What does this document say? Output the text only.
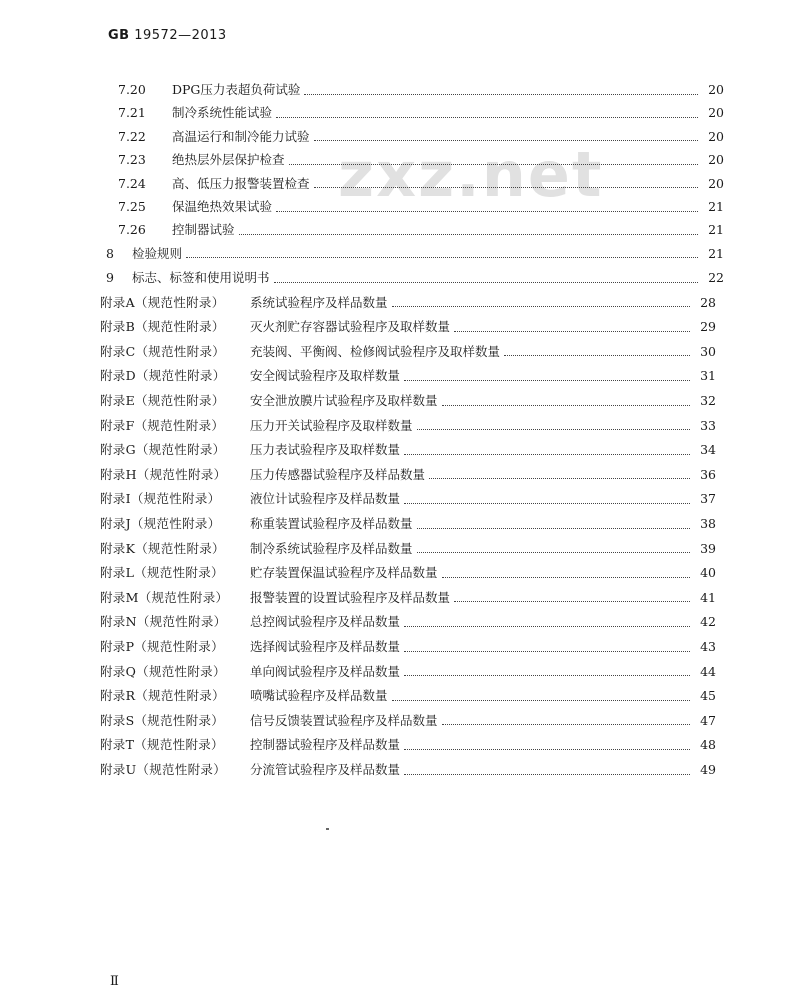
GB 19572—2013
zxz.net
7.20	DPG压力表超负荷试验	20
7.21	制冷系统性能试验	20
7.22	高温运行和制冷能力试验	20
7.23	绝热层外层保护检查	20
7.24	高、低压力报警装置检查	20
7.25	保温绝热效果试验	21
7.26	控制器试验	21
8	检验规则	21
9	标志、标签和使用说明书	22
附录A（规范性附录）	系统试验程序及样品数量	28
附录B（规范性附录）	灭火剂贮存容器试验程序及取样数量	29
附录C（规范性附录）	充装阀、平衡阀、检修阀试验程序及取样数量	30
附录D（规范性附录）	安全阀试验程序及取样数量	31
附录E（规范性附录）	安全泄放膜片试验程序及取样数量	32
附录F（规范性附录）	压力开关试验程序及取样数量	33
附录G（规范性附录）	压力表试验程序及取样数量	34
附录H（规范性附录）	压力传感器试验程序及样品数量	36
附录I（规范性附录）	液位计试验程序及样品数量	37
附录J（规范性附录）	称重装置试验程序及样品数量	38
附录K（规范性附录）	制冷系统试验程序及样品数量	39
附录L（规范性附录）	贮存装置保温试验程序及样品数量	40
附录M（规范性附录）	报警装置的设置试验程序及样品数量	41
附录N（规范性附录）	总控阀试验程序及样品数量	42
附录P（规范性附录）	选择阀试验程序及样品数量	43
附录Q（规范性附录）	单向阀试验程序及样品数量	44
附录R（规范性附录）	喷嘴试验程序及样品数量	45
附录S（规范性附录）	信号反馈装置试验程序及样品数量	47
附录T（规范性附录）	控制器试验程序及样品数量	48
附录U（规范性附录）	分流管试验程序及样品数量	49
Ⅱ
